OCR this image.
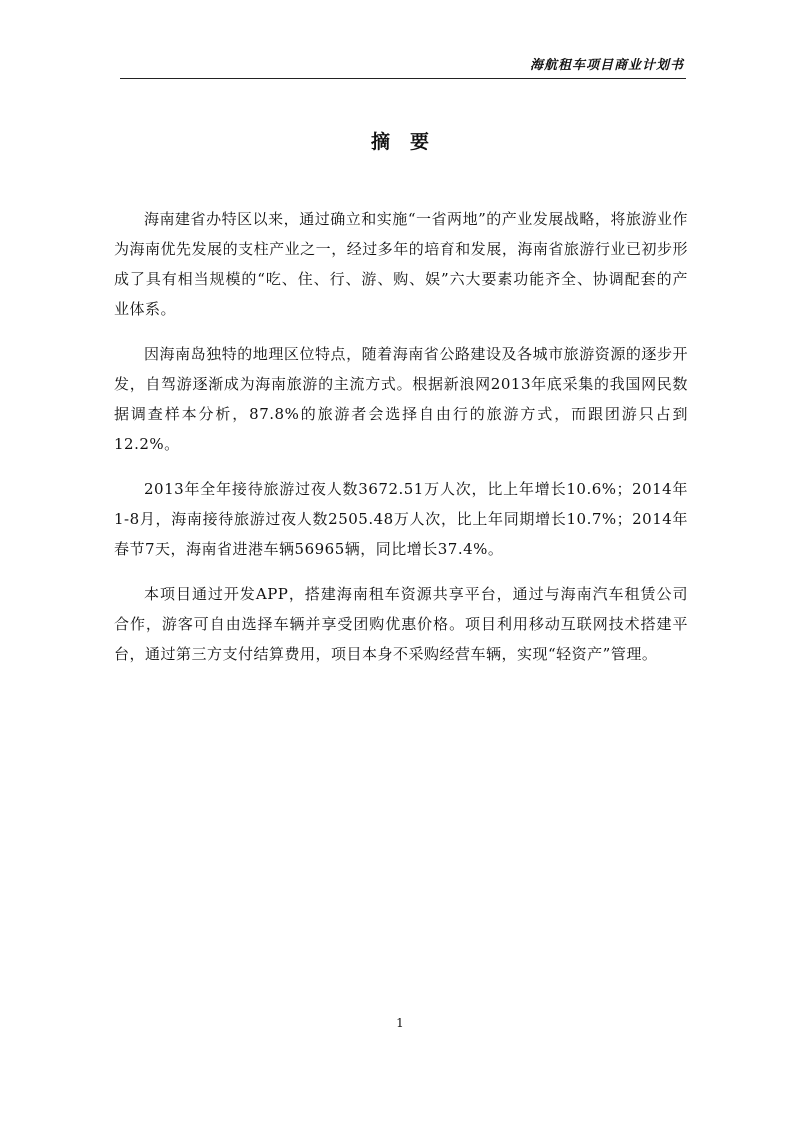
海航租车项目商业计划书
摘要

海南建省办特区以来，通过确立和实施“一省两地”的产业发展战略，将旅游业作为海南优先发展的支柱产业之一，经过多年的培育和发展，海南省旅游行业已初步形成了具有相当规模的“吃、住、行、游、购、娱”六大要素功能齐全、协调配套的产业体系。

因海南岛独特的地理区位特点，随着海南省公路建设及各城市旅游资源的逐步开发，自驾游逐渐成为海南旅游的主流方式。根据新浪网2013年底采集的我国网民数据调查样本分析，87.8%的旅游者会选择自由行的旅游方式，而跟团游只占到12.2%。

2013年全年接待旅游过夜人数3672.51万人次，比上年增长10.6%；2014年1-8月，海南接待旅游过夜人数2505.48万人次，比上年同期增长10.7%；2014年春节7天，海南省进港车辆56965辆，同比增长37.4%。

本项目通过开发APP，搭建海南租车资源共享平台，通过与海南汽车租赁公司合作，游客可自由选择车辆并享受团购优惠价格。项目利用移动互联网技术搭建平台，通过第三方支付结算费用，项目本身不采购经营车辆，实现“轻资产”管理。

1
